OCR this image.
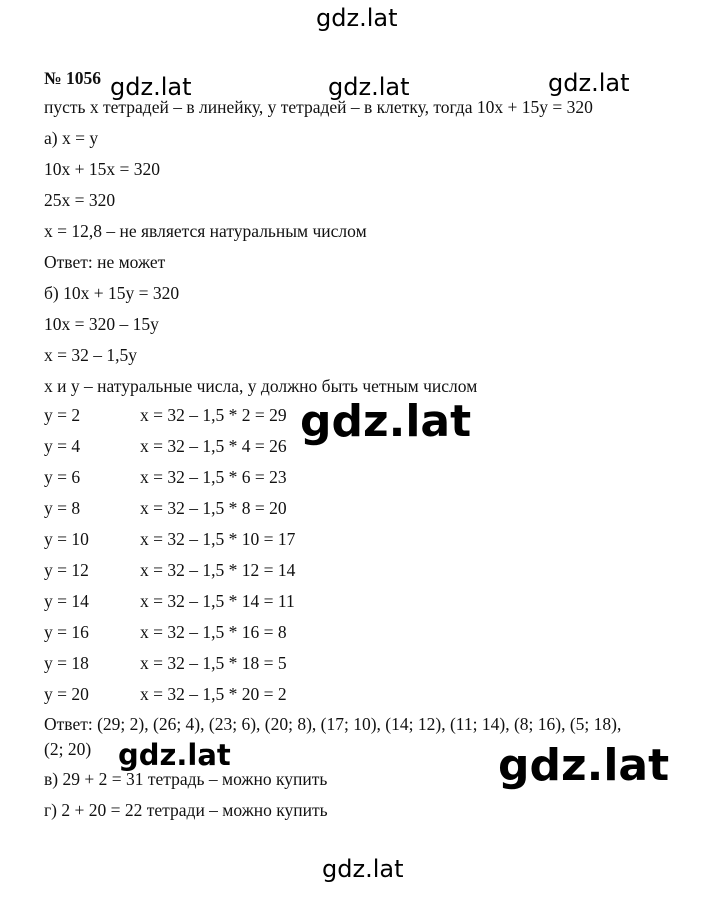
gdz.lat
gdz.lat	gdz.lat	gdz.lat
№ 1056
пусть x тетрадей – в линейку, y тетрадей – в клетку, тогда 10x + 15y = 320
а) x = y
10x + 15x = 320
25x = 320
x = 12,8 – не является натуральным числом
Ответ: не может
б) 10x + 15y = 320
10x = 320 – 15y
x = 32 – 1,5y
x и y – натуральные числа, y должно быть четным числом
y = 2	x = 32 – 1,5 * 2 = 29
y = 4	x = 32 – 1,5 * 4 = 26
y = 6	x = 32 – 1,5 * 6 = 23
y = 8	x = 32 – 1,5 * 8 = 20
y = 10	x = 32 – 1,5 * 10 = 17
y = 12	x = 32 – 1,5 * 12 = 14
y = 14	x = 32 – 1,5 * 14 = 11
y = 16	x = 32 – 1,5 * 16 = 8
y = 18	x = 32 – 1,5 * 18 = 5
y = 20	x = 32 – 1,5 * 20 = 2
Ответ: (29; 2), (26; 4), (23; 6), (20; 8), (17; 10), (14; 12), (11; 14), (8; 16), (5; 18),
(2; 20)
в) 29 + 2 = 31 тетрадь – можно купить
г) 2 + 20 = 22 тетради – можно купить
gdz.lat
gdz.lat	gdz.lat
gdz.lat
